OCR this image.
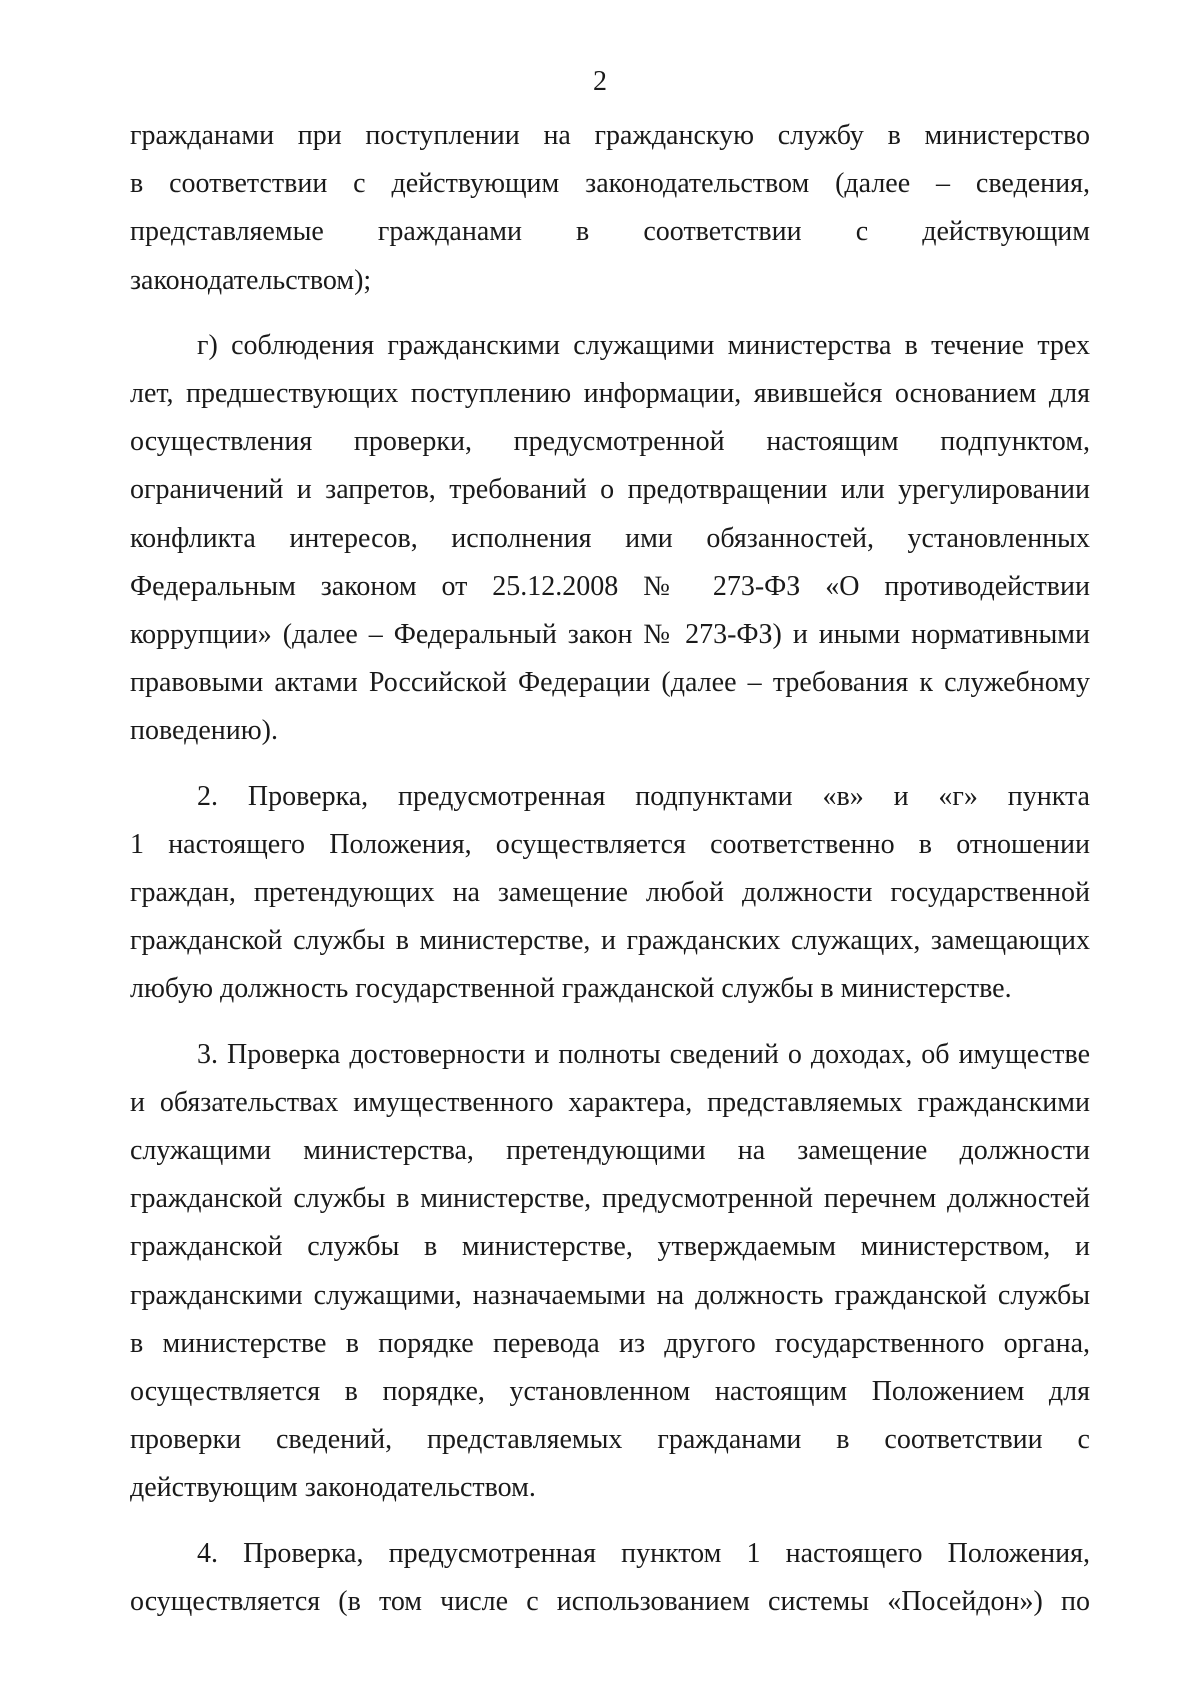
2
гражданами при поступлении на гражданскую службу в министерство
в соответствии с действующим законодательством (далее – сведения,
представляемые гражданами в соответствии с действующим
законодательством);
г) соблюдения гражданскими служащими министерства в течение трех
лет, предшествующих поступлению информации, явившейся основанием для
осуществления проверки, предусмотренной настоящим подпунктом,
ограничений и запретов, требований о предотвращении или урегулировании
конфликта интересов, исполнения ими обязанностей, установленных
Федеральным законом от 25.12.2008 № 273-ФЗ «О противодействии
коррупции» (далее – Федеральный закон № 273-ФЗ) и иными нормативными
правовыми актами Российской Федерации (далее – требования к служебному
поведению).
2. Проверка, предусмотренная подпунктами «в» и «г» пункта
1 настоящего Положения, осуществляется соответственно в отношении
граждан, претендующих на замещение любой должности государственной
гражданской службы в министерстве, и гражданских служащих, замещающих
любую должность государственной гражданской службы в министерстве.
3. Проверка достоверности и полноты сведений о доходах, об имуществе
и обязательствах имущественного характера, представляемых гражданскими
служащими министерства, претендующими на замещение должности
гражданской службы в министерстве, предусмотренной перечнем должностей
гражданской службы в министерстве, утверждаемым министерством, и
гражданскими служащими, назначаемыми на должность гражданской службы
в министерстве в порядке перевода из другого государственного органа,
осуществляется в порядке, установленном настоящим Положением для
проверки сведений, представляемых гражданами в соответствии с
действующим законодательством.
4. Проверка, предусмотренная пунктом 1 настоящего Положения,
осуществляется (в том числе с использованием системы «Посейдон») по
